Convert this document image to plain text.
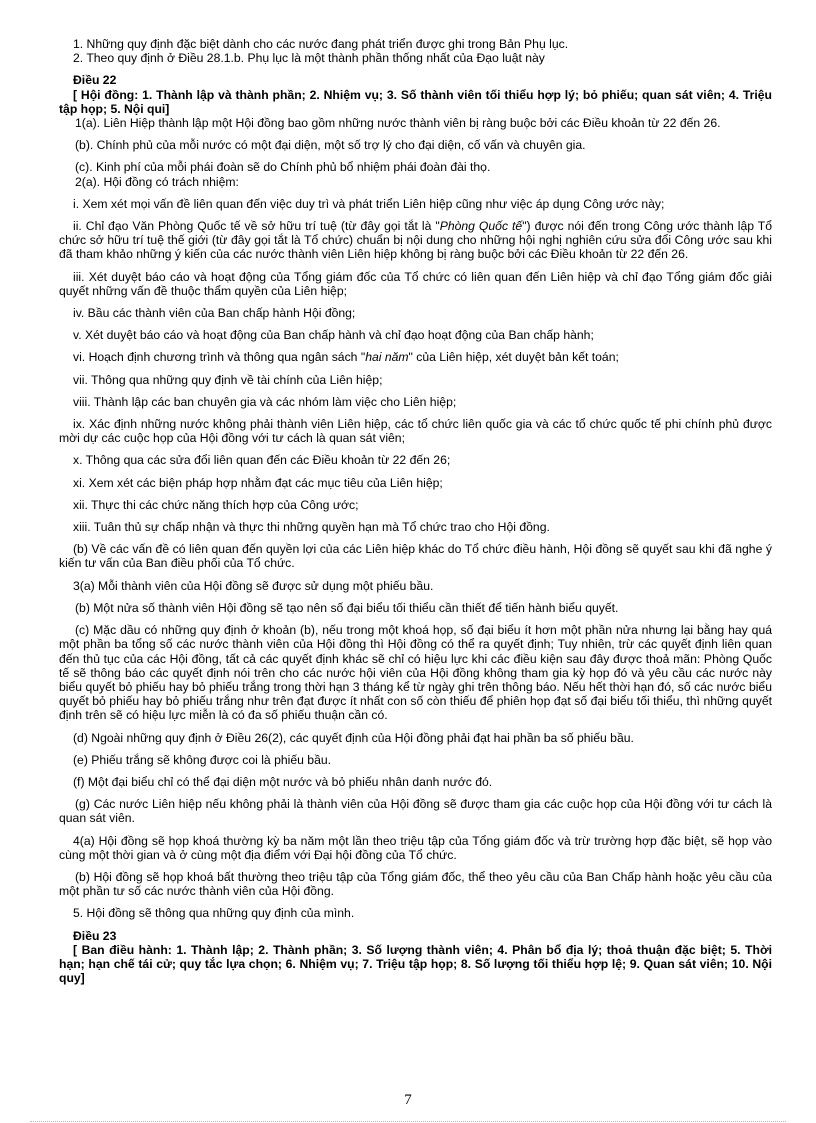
1. Những quy định đặc biệt dành cho các nước đang phát triển được ghi trong Bản Phụ lục.

2. Theo quy định ở Điều 28.1.b. Phụ lục là một thành phần thống nhất của Đạo luật này

Điều 22

[ Hội đồng: 1. Thành lập và thành phần; 2. Nhiệm vụ; 3. Số thành viên tối thiểu hợp lý; bỏ phiếu; quan sát viên; 4. Triệu tập họp; 5. Nội qui]

1(a). Liên Hiệp thành lập một Hội đồng bao gồm những nước thành viên bị ràng buộc bởi các Điều khoản từ 22 đến 26.

(b). Chính phủ của mỗi nước có một đại diện, một số trợ lý cho đại diện, cố vấn và chuyên gia.

(c). Kinh phí của mỗi phái đoàn sẽ do Chính phủ bổ nhiệm phái đoàn đài thọ.

2(a). Hội đồng có trách nhiệm:

i. Xem xét mọi vấn đề liên quan đến việc duy trì và phát triển Liên hiệp cũng như việc áp dụng Công ước này;

ii. Chỉ đạo Văn Phòng Quốc tế về sở hữu trí tuệ (từ đây gọi tắt là "Phòng Quốc tế") được nói đến trong Công ước thành lập Tổ chức sở hữu trí tuệ thế giới (từ đây gọi tắt là Tổ chức) chuẩn bị nội dung cho những hội nghị nghiên cứu sửa đổi Công ước sau khi đã tham khảo những ý kiến của các nước thành viên Liên hiệp không bị ràng buộc bởi các Điều khoản từ 22 đến 26.

iii. Xét duyệt báo cáo và hoạt động của Tổng giám đốc của Tổ chức có liên quan đến Liên hiệp và chỉ đạo Tổng giám đốc giải quyết những vấn đề thuộc thẩm quyền của Liên hiệp;

iv. Bầu các thành viên của Ban chấp hành Hội đồng;

v. Xét duyệt báo cáo và hoạt động của Ban chấp hành và chỉ đạo hoạt động của Ban chấp hành;

vi. Hoạch định chương trình và thông qua ngân sách "hai năm" của Liên hiệp, xét duyệt bản kết toán;

vii. Thông qua những quy định về tài chính của Liên hiệp;

viii. Thành lập các ban chuyên gia và các nhóm làm việc cho Liên hiệp;

ix. Xác định những nước không phải thành viên Liên hiệp, các tổ chức liên quốc gia và các tổ chức quốc tế phi chính phủ được mời dự các cuộc họp của Hội đồng với tư cách là quan sát viên;

x. Thông qua các sửa đổi liên quan đến các Điều khoản từ 22 đến 26;

xi. Xem xét các biện pháp hợp nhằm đạt các mục tiêu của Liên hiệp;

xii. Thực thi các chức năng thích hợp của Công ước;

xiii. Tuân thủ sự chấp nhận và thực thi những quyền hạn mà Tổ chức trao cho Hội đồng.

(b) Về các vấn đề có liên quan đến quyền lợi của các Liên hiệp khác do Tổ chức điều hành, Hội đồng sẽ quyết sau khi đã nghe ý kiến tư vấn của Ban điều phối của Tổ chức.

3(a) Mỗi thành viên của Hội đồng sẽ được sử dụng một phiếu bầu.

(b) Một nửa số thành viên Hội đồng sẽ tạo nên số đại biểu tối thiểu cần thiết để tiến hành biểu quyết.

(c) Mặc dầu có những quy định ở khoản (b), nếu trong một khoá họp, số đại biểu ít hơn một phần nửa nhưng lại bằng hay quá một phần ba tổng số các nước thành viên của Hội đồng thì Hội đồng có thể ra quyết định; Tuy nhiên, trừ các quyết định liên quan đến thủ tục của các Hội đồng, tất cả các quyết định khác sẽ chỉ có hiệu lực khi các điều kiện sau đây được thoả mãn: Phòng Quốc tế sẽ thông báo các quyết định nói trên cho các nước hội viên của Hội đồng không tham gia kỳ họp đó và yêu cầu các nước này biểu quyết bỏ phiếu hay bỏ phiếu trắng trong thời hạn 3 tháng kể từ ngày ghi trên thông báo. Nếu hết thời hạn đó, số các nước biểu quyết bỏ phiếu hay bỏ phiếu trắng như trên đạt được ít nhất con số còn thiếu để phiên họp đạt số đại biểu tối thiểu, thì những quyết định trên sẽ có hiệu lực miễn là có đa số phiếu thuận cần có.

(d) Ngoài những quy định ở Điều 26(2), các quyết định của Hội đồng phải đạt hai phần ba số phiếu bầu.

(e) Phiếu trắng sẽ không được coi là phiếu bầu.

(f) Một đại biểu chỉ có thể đại diện một nước và bỏ phiếu nhân danh nước đó.

(g) Các nước Liên hiệp nếu không phải là thành viên của Hội đồng sẽ được tham gia các cuộc họp của Hội đồng với tư cách là quan sát viên.

4(a) Hội đồng sẽ họp khoá thường kỳ ba năm một lần theo triệu tập của Tổng giám đốc và trừ trường hợp đặc biệt, sẽ họp vào cùng một thời gian và ở cùng một địa điểm với Đại hội đồng của Tổ chức.

(b) Hội đồng sẽ họp khoá bất thường theo triệu tập của Tổng giám đốc, thể theo yêu cầu của Ban Chấp hành hoặc yêu cầu của một phần tư số các nước thành viên của Hội đồng.

5. Hội đồng sẽ thông qua những quy định của mình.

Điều 23

[ Ban điều hành: 1. Thành lập; 2. Thành phần; 3. Số lượng thành viên; 4. Phân bổ địa lý; thoả thuận đặc biệt; 5. Thời hạn; hạn chế tái cử; quy tắc lựa chọn; 6. Nhiệm vụ; 7. Triệu tập họp; 8. Số lượng tối thiểu hợp lệ; 9. Quan sát viên; 10. Nội quy]

7
